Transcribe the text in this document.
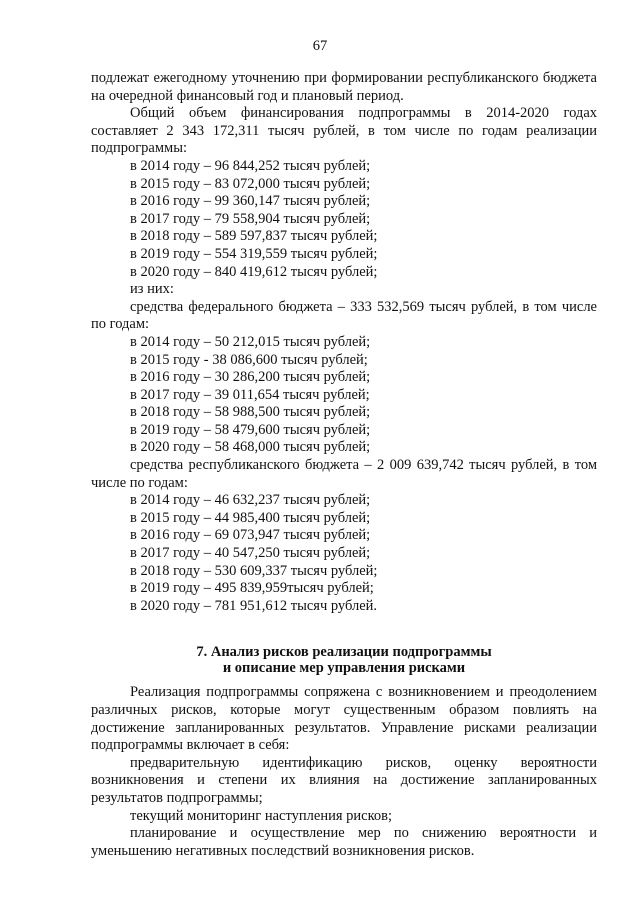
67

подлежат ежегодному уточнению при формировании республиканского бюджета на очередной финансовый год и плановый период.

Общий объем финансирования подпрограммы в 2014-2020 годах составляет 2 343 172,311 тысяч рублей, в том числе по годам реализации подпрограммы:

в 2014 году – 96 844,252 тысяч рублей;

в 2015 году – 83 072,000 тысяч рублей;

в 2016 году – 99 360,147 тысяч рублей;

в 2017 году – 79 558,904 тысяч рублей;

в 2018 году – 589 597,837 тысяч рублей;

в 2019 году – 554 319,559 тысяч рублей;

в 2020 году – 840 419,612 тысяч рублей;

из них:

средства федерального бюджета – 333 532,569 тысяч рублей, в том числе по годам:

в 2014 году – 50 212,015 тысяч рублей;

в 2015 году - 38 086,600 тысяч рублей;

в 2016 году – 30 286,200 тысяч рублей;

в 2017 году – 39 011,654 тысяч рублей;

в 2018 году – 58 988,500 тысяч рублей;

в 2019 году – 58 479,600 тысяч рублей;

в 2020 году – 58 468,000 тысяч рублей;

средства республиканского бюджета – 2 009 639,742 тысяч рублей, в том числе по годам:

в 2014 году – 46 632,237 тысяч рублей;

в 2015 году – 44 985,400 тысяч рублей;

в 2016 году – 69 073,947 тысяч рублей;

в 2017 году – 40 547,250 тысяч рублей;

в 2018 году – 530 609,337 тысяч рублей;

в 2019 году – 495 839,959тысяч рублей;

в 2020 году – 781 951,612 тысяч рублей.

7. Анализ рисков реализации подпрограммы
и описание мер управления рисками

Реализация подпрограммы сопряжена с возникновением и преодолением различных рисков, которые могут существенным образом повлиять на достижение запланированных результатов. Управление рисками реализации подпрограммы включает в себя:

предварительную идентификацию рисков, оценку вероятности возникновения и степени их влияния на достижение запланированных результатов подпрограммы;

текущий мониторинг наступления рисков;

планирование и осуществление мер по снижению вероятности и уменьшению негативных последствий возникновения рисков.
